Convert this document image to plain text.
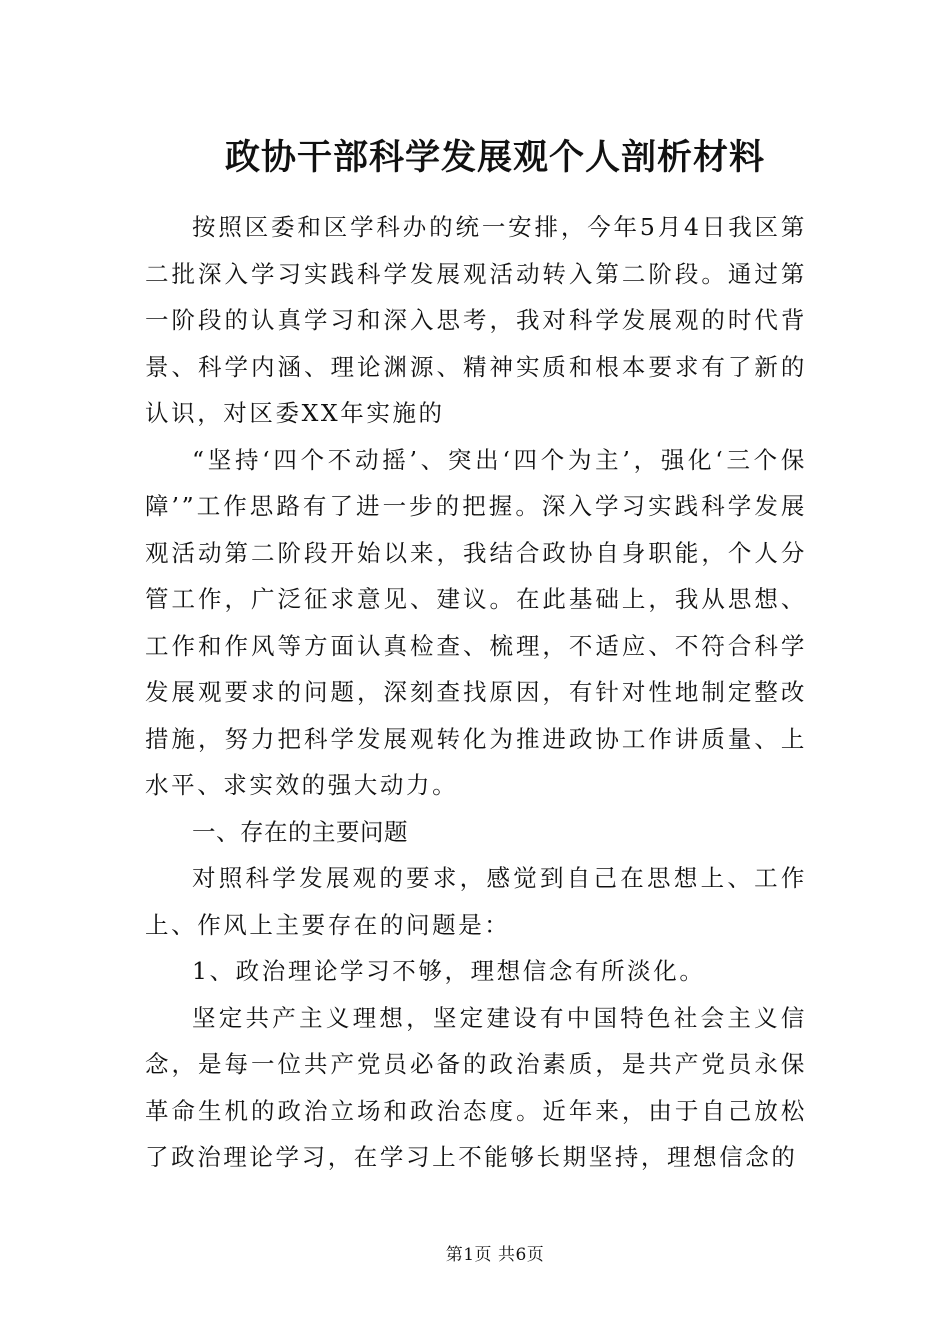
政协干部科学发展观个人剖析材料

按照区委和区学科办的统一安排，今年5月4日我区第二批深入学习实践科学发展观活动转入第二阶段。通过第一阶段的认真学习和深入思考，我对科学发展观的时代背景、科学内涵、理论渊源、精神实质和根本要求有了新的认识，对区委XX年实施的

“坚持‘四个不动摇’、突出‘四个为主’，强化‘三个保障’”工作思路有了进一步的把握。深入学习实践科学发展观活动第二阶段开始以来，我结合政协自身职能，个人分管工作，广泛征求意见、建议。在此基础上，我从思想、工作和作风等方面认真检查、梳理，不适应、不符合科学发展观要求的问题，深刻查找原因，有针对性地制定整改措施，努力把科学发展观转化为推进政协工作讲质量、上水平、求实效的强大动力。

一、存在的主要问题

对照科学发展观的要求，感觉到自己在思想上、工作上、作风上主要存在的问题是：

1、政治理论学习不够，理想信念有所淡化。

坚定共产主义理想，坚定建设有中国特色社会主义信念，是每一位共产党员必备的政治素质，是共产党员永保革命生机的政治立场和政治态度。近年来，由于自己放松了政治理论学习，在学习上不能够长期坚持，理想信念的

第1页 共6页
